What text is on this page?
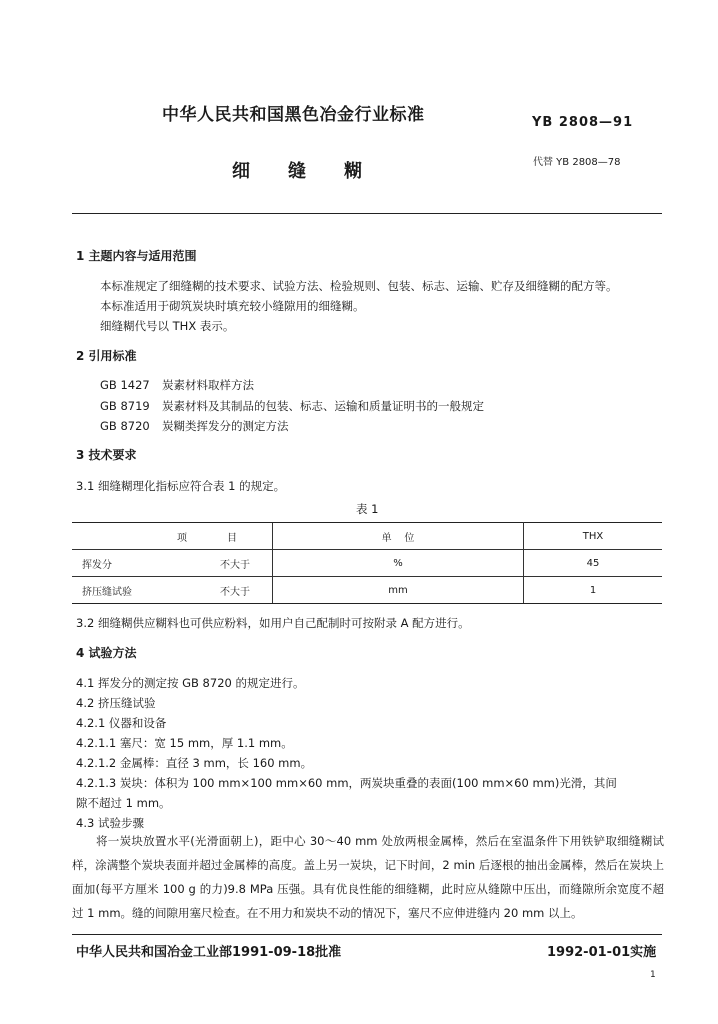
中华人民共和国黑色冶金行业标准	YB 2808—91
细缝糊	代替 YB 2808—78
1 主题内容与适用范围
本标准规定了细缝糊的技术要求、试验方法、检验规则、包装、标志、运输、贮存及细缝糊的配方等。
本标准适用于砌筑炭块时填充较小缝隙用的细缝糊。
细缝糊代号以 THX 表示。
2 引用标准
GB 1427 炭素材料取样方法
GB 8719 炭素材料及其制品的包装、标志、运输和质量证明书的一般规定
GB 8720 炭糊类挥发分的测定方法
3 技术要求
3.1 细缝糊理化指标应符合表 1 的规定。
表 1
项 目	单    位	THX

挥发分 不大于	%	45

挤压缝试验 不大于	mm	1
3.2 细缝糊供应糊料也可供应粉料，如用户自己配制时可按附录 A 配方进行。
4 试验方法
4.1 挥发分的测定按 GB 8720 的规定进行。
4.2 挤压缝试验
4.2.1 仪器和设备
4.2.1.1 塞尺：宽 15 mm，厚 1.1 mm。
4.2.1.2 金属棒：直径 3 mm，长 160 mm。
4.2.1.3 炭块：体积为 100 mm×100 mm×60 mm，两炭块重叠的表面(100 mm×60 mm)光滑，其间
隙不超过 1 mm。
4.3 试验步骤
将一炭块放置水平(光滑面朝上)，距中心 30～40 mm 处放两根金属棒，然后在室温条件下用铁铲取细缝糊试样，涂满整个炭块表面并超过金属棒的高度。盖上另一炭块，记下时间，2 min 后逐根的抽出金属棒，然后在炭块上面加(每平方厘米 100 g 的力)9.8 MPa 压强。具有优良性能的细缝糊，此时应从缝隙中压出，而缝隙所余宽度不超过 1 mm。缝的间隙用塞尺检查。在不用力和炭块不动的情况下，塞尺不应伸进缝内 20 mm 以上。
中华人民共和国冶金工业部1991-09-18批准	1992-01-01实施
1
